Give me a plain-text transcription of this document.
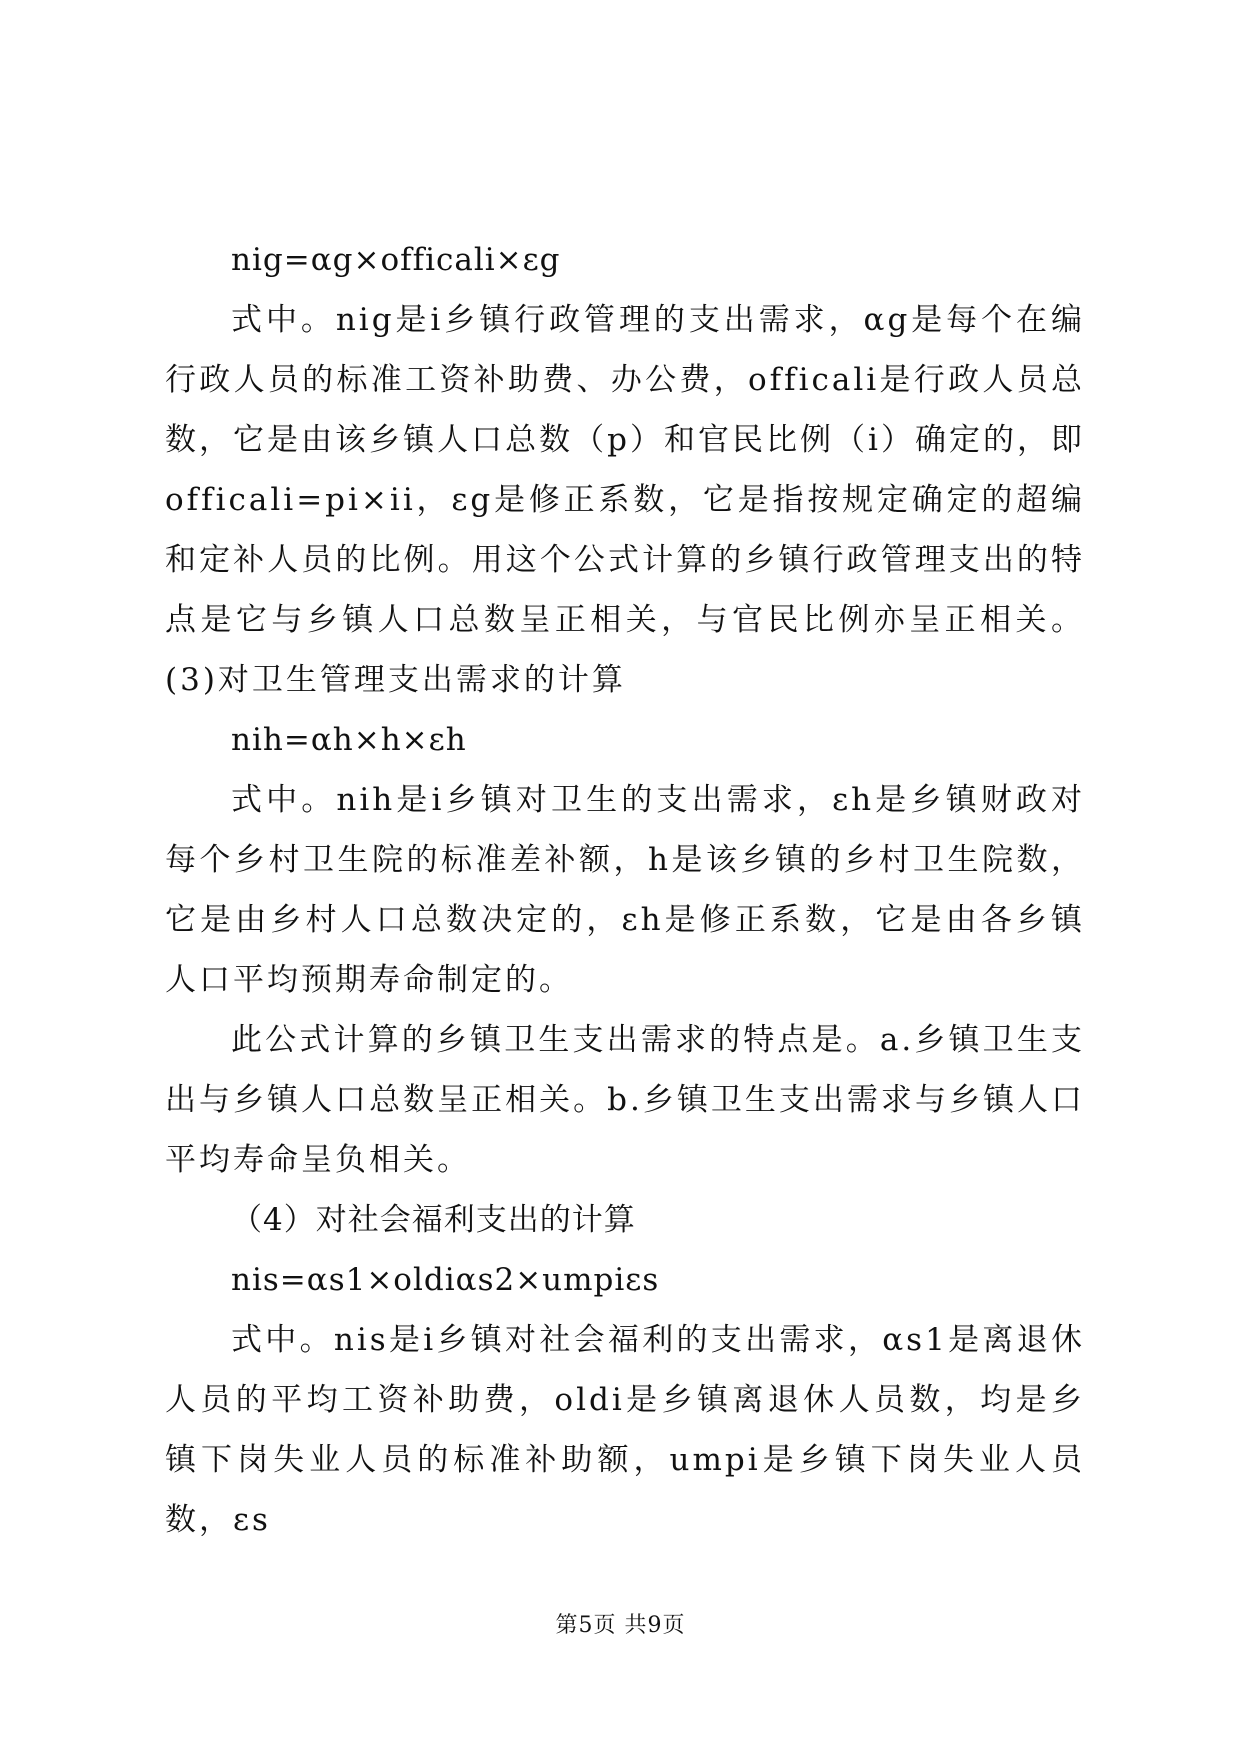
nig=αg×officali×εg

式中。nig是i乡镇行政管理的支出需求，αg是每个在编行政人员的标准工资补助费、办公费，officali是行政人员总数，它是由该乡镇人口总数（p）和官民比例（i）确定的，即officali=pi×ii，εg是修正系数，它是指按规定确定的超编和定补人员的比例。用这个公式计算的乡镇行政管理支出的特点是它与乡镇人口总数呈正相关，与官民比例亦呈正相关。(3)对卫生管理支出需求的计算

nih=αh×h×εh

式中。nih是i乡镇对卫生的支出需求，εh是乡镇财政对每个乡村卫生院的标准差补额，h是该乡镇的乡村卫生院数，它是由乡村人口总数决定的，εh是修正系数，它是由各乡镇人口平均预期寿命制定的。

此公式计算的乡镇卫生支出需求的特点是。a.乡镇卫生支出与乡镇人口总数呈正相关。b.乡镇卫生支出需求与乡镇人口平均寿命呈负相关。

（4）对社会福利支出的计算

nis=αs1×oldiαs2×umpiεs

式中。nis是i乡镇对社会福利的支出需求，αs1是离退休人员的平均工资补助费，oldi是乡镇离退休人员数，均是乡镇下岗失业人员的标准补助额，umpi是乡镇下岗失业人员数，εs

第5页 共9页
